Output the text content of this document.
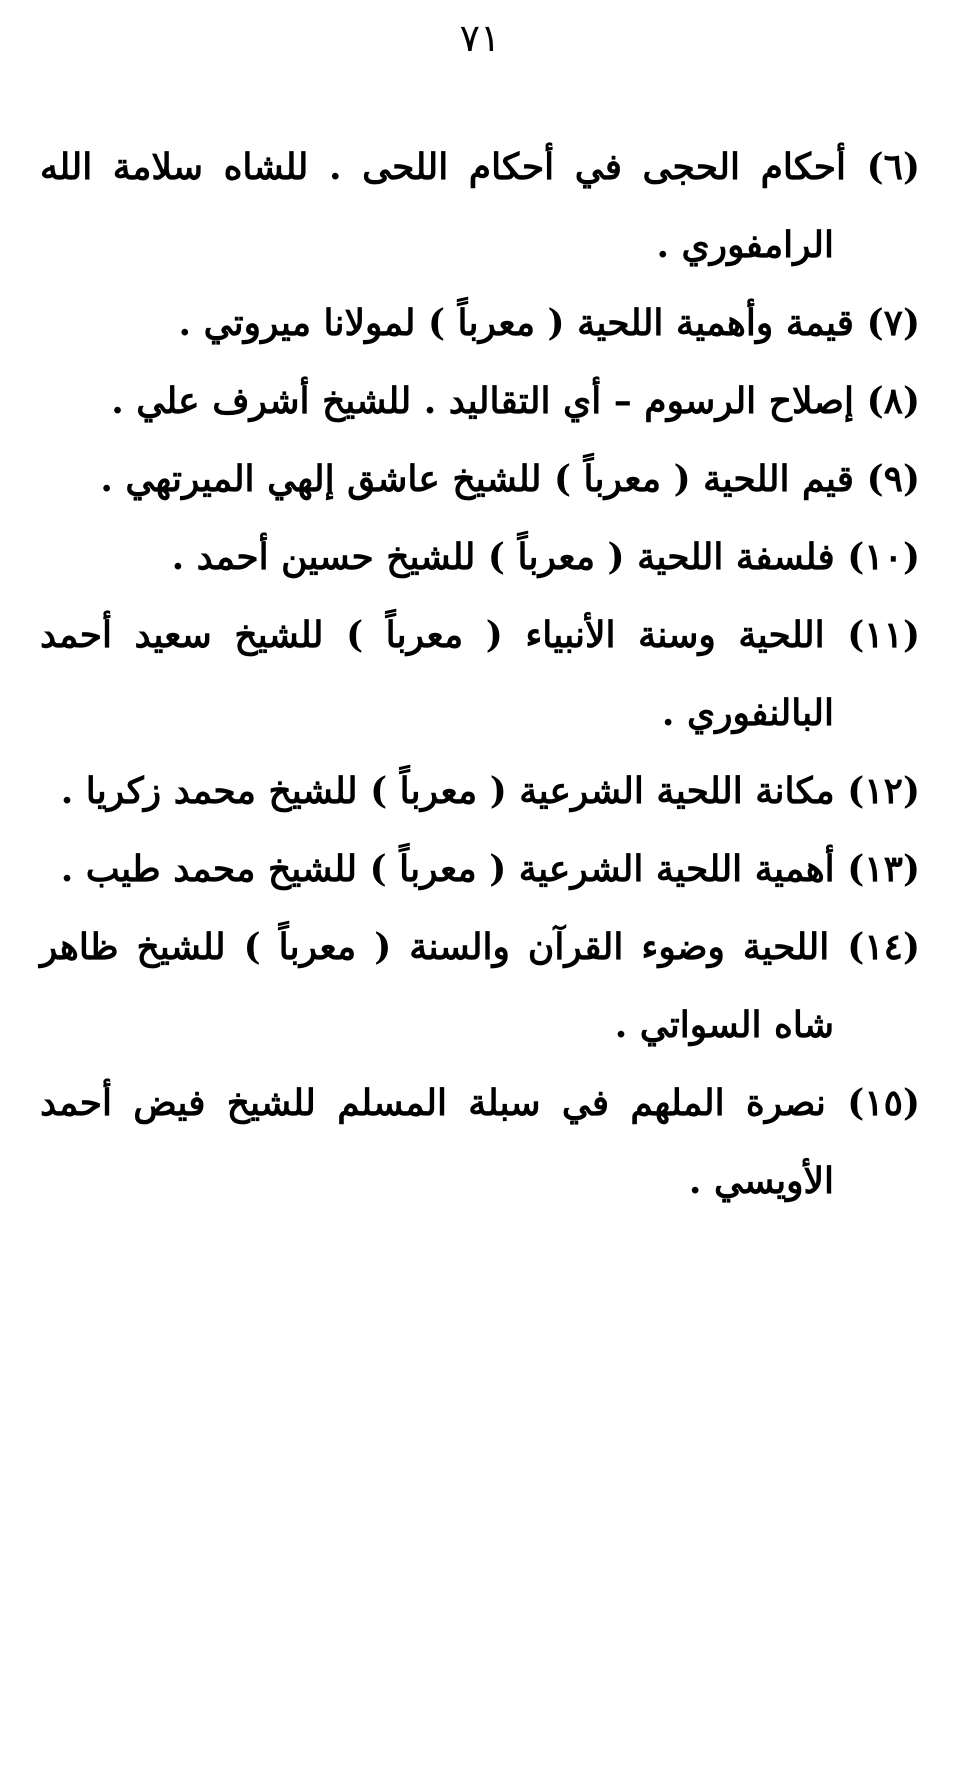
٧١

(٦) أحكام الحجى في أحكام اللحى . للشاه سلامة الله الرامفوري .

(٧) قيمة وأهمية اللحية ( معرباً ) لمولانا ميروتي .

(٨) إصلاح الرسوم – أي التقاليد . للشيخ أشرف علي .

(٩) قيم اللحية ( معرباً ) للشيخ عاشق إلهي الميرتهي .

(١٠) فلسفة اللحية ( معرباً ) للشيخ حسين أحمد .

(١١) اللحية وسنة الأنبياء ( معرباً ) للشيخ سعيد أحمد البالنفوري .

(١٢) مكانة اللحية الشرعية ( معرباً ) للشيخ محمد زكريا .

(١٣) أهمية اللحية الشرعية ( معرباً ) للشيخ محمد طيب .

(١٤) اللحية وضوء القرآن والسنة ( معرباً ) للشيخ ظاهر شاه السواتي .

(١٥) نصرة الملهم في سبلة المسلم للشيخ فيض أحمد الأويسي .
